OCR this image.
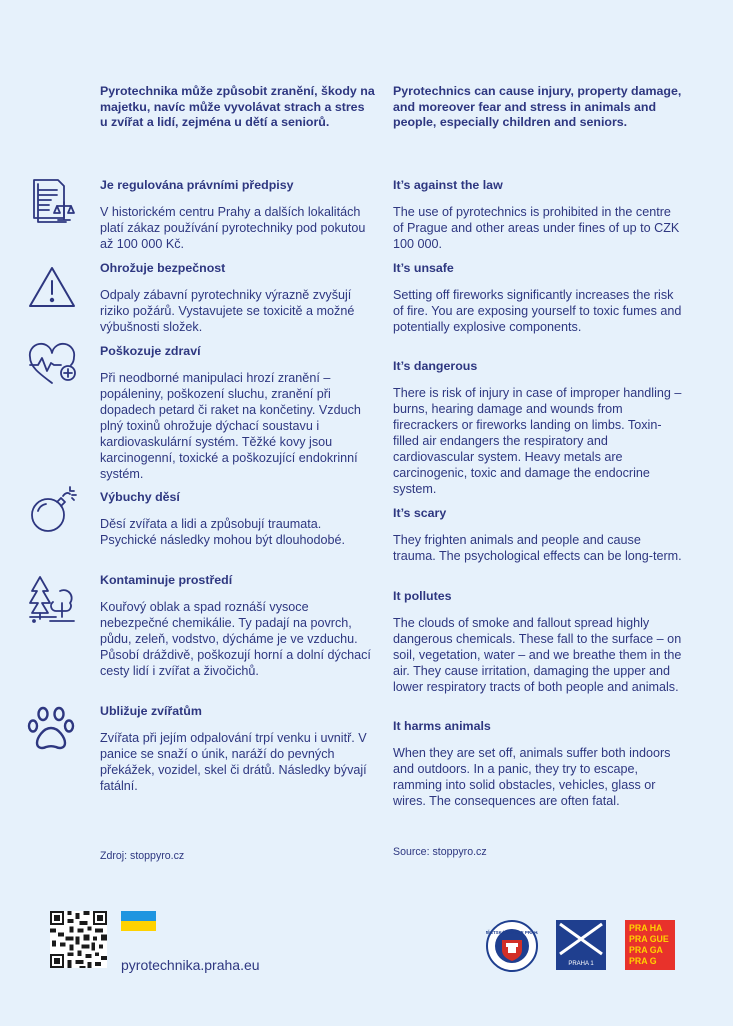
Pyrotechnika může způsobit zranění, škody na majetku, navíc může vyvolávat strach a stres u zvířat a lidí, zejména u dětí a seniorů.

Je regulována právními předpisy

V historickém centru Prahy a dalších lokalitách platí zákaz používání pyrotechniky pod pokutou až 100 000 Kč.

Ohrožuje bezpečnost

Odpaly zábavní pyrotechniky výrazně zvyšují riziko požárů. Vystavujete se toxicitě a možné výbušnosti složek.

Poškozuje zdraví

Při neodborné manipulaci hrozí zranění – popáleniny, poškození sluchu, zranění při dopadech petard či raket na končetiny. Vzduch plný toxinů ohrožuje dýchací soustavu i kardiovaskulární systém. Těžké kovy jsou karcinogenní, toxické a poškozující endokrinní systém.

Výbuchy děsí

Děsí zvířata a lidi a způsobují traumata. Psychické následky mohou být dlouhodobé.

Kontaminuje prostředí

Kouřový oblak a spad roznáší vysoce nebezpečné chemikálie. Ty padají na povrch, půdu, zeleň, vodstvo, dýcháme je ve vzduchu. Působí dráždivě, poškozují horní a dolní dýchací cesty lidí i zvířat a živočichů.

Ubližuje zvířatům

Zvířata při jejím odpalování trpí venku i uvnitř. V panice se snaží o únik, naráží do pevných překážek, vozidel, skel či drátů. Následky bývají fatální.

Zdroj: stoppyro.cz

Pyrotechnics can cause injury, property damage, and moreover fear and stress in animals and people, especially children and seniors.

It’s against the law

The use of pyrotechnics is prohibited in the centre of Prague and other areas under fines of up to CZK 100 000.

It’s unsafe

Setting off fireworks significantly increases the risk of fire. You are exposing yourself to toxic fumes and potentially explosive components.

It’s dangerous

There is risk of injury in case of improper handling – burns, hearing damage and wounds from firecrackers or fireworks landing on limbs. Toxin-filled air endangers the respiratory and cardiovascular system. Heavy metals are carcinogenic, toxic and damage the endocrine system.

It’s scary

They frighten animals and people and cause trauma. The psychological effects can be long-term.

It pollutes

The clouds of smoke and fallout spread highly dangerous chemicals. These fall to the surface – on soil, vegetation, water – and we breathe them in the air. They cause irritation, damaging the upper and lower respiratory tracts of both people and animals.

It harms animals

When they are set off, animals suffer both indoors and outdoors. In a panic, they try to escape, ramming into solid obstacles, vehicles, glass or wires. The consequences are often fatal.

Source: stoppyro.cz
pyrotechnika.praha.eu
MĚSTSKÁ POLICIE PRAHA
PRAHA 1
PRA HA
PRA GUE
PRA GA
PRA G
